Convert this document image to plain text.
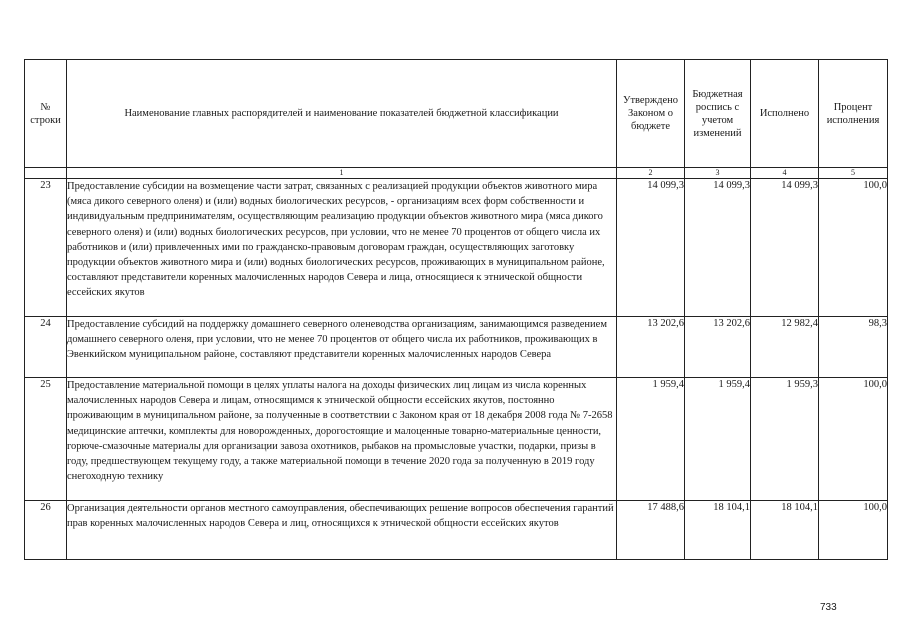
№ строки	Наименование главных распорядителей и наименование показателей бюджетной классификации	Утверждено Законом о бюджете	Бюджетная роспись с учетом изменений	Исполнено	Процент исполнения
	1	2	3	4	5
23	Предоставление субсидии на возмещение части затрат, связанных с реализацией продукции объектов животного мира (мяса дикого северного оленя) и (или) водных биологических ресурсов, - организациям всех форм собственности и индивидуальным предпринимателям, осуществляющим реализацию продукции объектов животного мира (мяса дикого северного оленя) и (или) водных биологических ресурсов, при условии, что не менее 70 процентов от общего числа их работников и (или) привлеченных ими по гражданско-правовым договорам граждан, осуществляющих заготовку продукции объектов животного мира и (или) водных биологических ресурсов, проживающих в муниципальном районе, составляют представители коренных малочисленных народов Севера и лица, относящиеся к этнической общности ессейских якутов	14 099,3	14 099,3	14 099,3	100,0
24	Предоставление субсидий на поддержку домашнего северного оленеводства организациям, занимающимся разведением домашнего северного оленя, при условии, что не менее 70 процентов от общего числа их работников, проживающих в Эвенкийском муниципальном районе, составляют представители коренных малочисленных народов Севера	13 202,6	13 202,6	12 982,4	98,3
25	Предоставление материальной помощи в целях уплаты налога на доходы физических лиц лицам из числа коренных малочисленных народов Севера и лицам, относящимся к этнической общности ессейских якутов, постоянно проживающим в муниципальном районе, за полученные в соответствии с Законом края от 18 декабря 2008 года № 7-2658 медицинские аптечки, комплекты для новорожденных, дорогостоящие и малоценные товарно-материальные ценности, горюче-смазочные материалы для организации завоза охотников, рыбаков на промысловые участки, подарки, призы в году, предшествующем текущему году, а также материальной помощи в течение 2020 года за полученную в 2019 году снегоходную технику	1 959,4	1 959,4	1 959,3	100,0
26	Организация деятельности органов местного самоуправления, обеспечивающих решение вопросов обеспечения гарантий прав коренных малочисленных народов Севера и лиц, относящихся к этнической общности ессейских якутов	17 488,6	18 104,1	18 104,1	100,0
733
